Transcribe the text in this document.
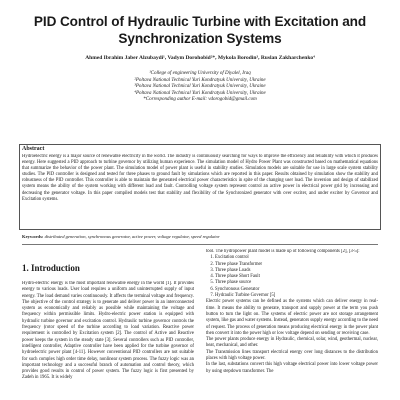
PID Control of Hydraulic Turbine with Excitation and Synchronization Systems
Ahmed Ibrahim Jaber Alzubaydi¹, Vadym Dorohobid²*, Mykola Borodin³, Ruslan Zakharchenko⁴
¹College of engineering University of Diyalel, Iraq
²Poltava National Technical Yuri Kondratyuk University, Ukraine
³Poltava National Technical Yuri Kondratyuk University, Ukraine
⁴Poltava National Technical Yuri Kondratyuk University, Ukraine
*Corresponding author E-mail: vdorogobid@gmail.com
Abstract

Hydroelectric energy is a major source of renewable electricity in the world. The industry is continuously searching for ways to improve the efficiency and reliability with which it produces energy. Here suggested a PID approach to turbine governor by utilizing human experience. The simulation model of Hydro Power Plant was constructed based on mathematical equations that summarize the behavior of the power plant. The simulation model of power plant is useful in stability studies. Simulation models are suitable for use in large scale system stability studies. The PID controller is designed and tested for three phases to ground fault by simulations which are reported in this paper. Results obtained by simulation show the stability and robustness of the PID controller. This controller is able to maintain the generated electrical power characteristics in spite of the changing user load. The inversion and design of stabilized system means the ability of the system working with different load and fault. Controlling voltage system represent control an active power in electrical power grid by increasing and decreasing the generator voltage. In this paper compiled models test that stability and flexibility of the Synchronized generator with over exciter, and under exciter by Governor and Excitation systems.

Keywords: distributed generation, synchronous generator, active power, voltage regulator, speed regulator

1. Introduction

Hydro-electric energy is the most important renewable energy in the world [1]. It provides energy to various loads. User load requires a uniform and uninterrupted supply of input energy. The load demand varies continuously. It affects the terminal voltage and frequency. The objective of the control strategy is to generate and deliver power in an interconnected system as economically and reliably as possible while maintaining the voltage and frequency within permissible limits. Hydro-electric power station is equipped with hydraulic turbine governor and excitation control. Hydraulic turbine governor controls the frequency (rotor speed of the turbine according to load variation. Reactive power requirement is controlled by Excitation system [2]. The control of Active and Reactive power keeps the system in the steady state [3]. Several controllers such as PID controller, intelligent controller, Adaptive controller have been applied for the turbine governor of hydroelectric power plant [4-11]. However conventional PID controllers are not suitable for such complex high order time delay, nonlinear system process. The fuzzy logic was an important technology and a successful branch of automation and control theory, which provides good results in control of power system. The fuzzy logic is first presented by Zadeh in 1965. It is widely

tool. The hydropower plant model is made up of following components [2], [3-5]:

1. Excitation control
2. Three phase Transformer
3. Three phase Loads
4. Three phase Short Fault
5. Three phase source
6. Synchronous Generator
7. Hydraulic Turbine Governor [5]

Electric power systems can be defined as the systems which can deliver energy in real-time. It means the ability to generate, transport and supply power at the term you push button to turn the light on. The systems of electric power are not storage arrangement system, like gas and water systems. Instead, generators supply energy according to the need of request. The process of generation means producing electrical energy in the power plant then convert it into the power high or low voltage depend on sending or receiving case.

The power plants produce energy in Hydraulic, chemical, solar, wind, geothermal, nuclear, heat, mechanical, and other.

The Transmission lines transport electrical energy over long distances to the distribution places with high voltage power.

In the last, substations convert this high voltage electrical power into lower voltage power by using stepdown transformer. The
